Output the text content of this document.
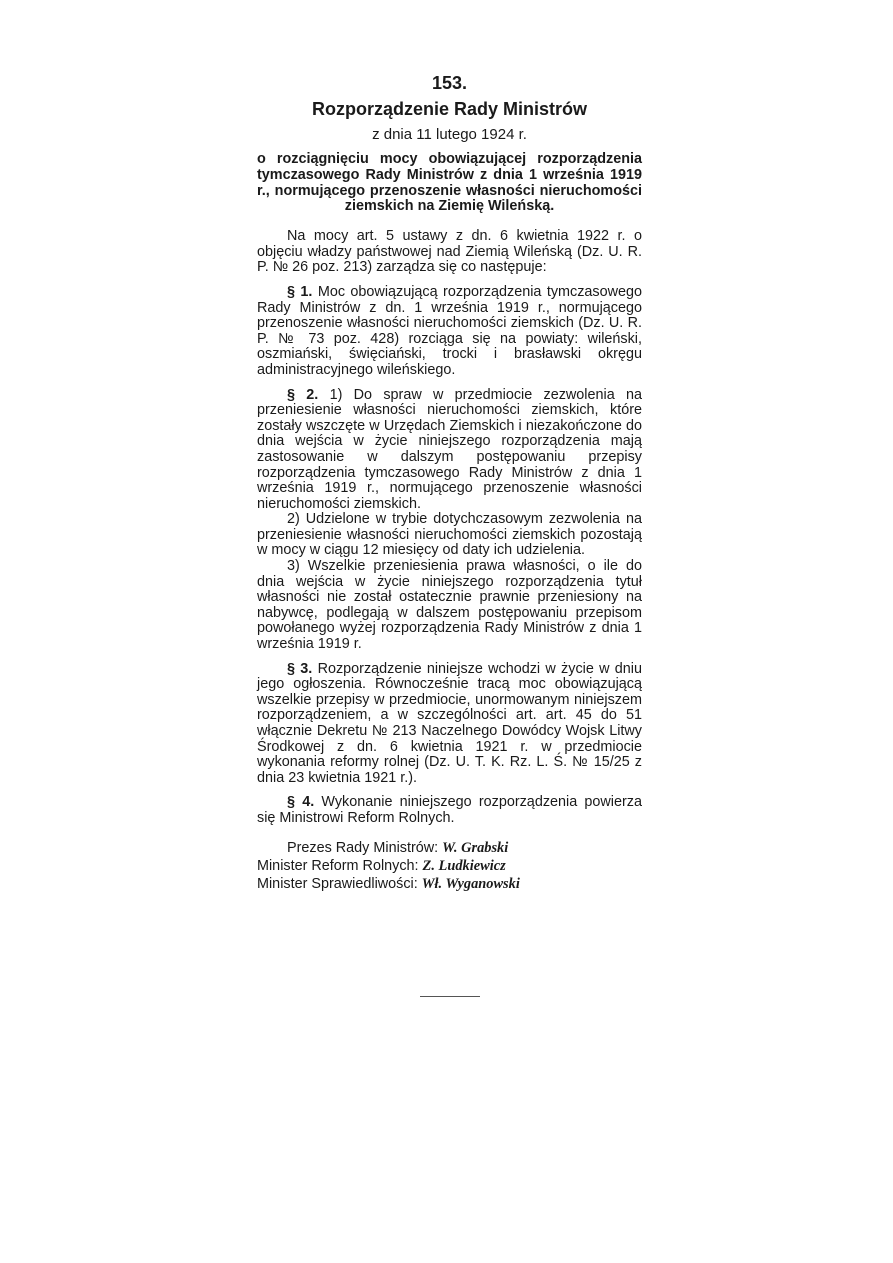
153.
Rozporządzenie Rady Ministrów
z dnia 11 lutego 1924 r.
o rozciągnięciu mocy obowiązującej rozporządzenia tymczasowego Rady Ministrów z dnia 1 września 1919 r., normującego przenoszenie własności nieruchomości ziemskich na Ziemię Wileńską.

Na mocy art. 5 ustawy z dn. 6 kwietnia 1922 r. o objęciu władzy państwowej nad Ziemią Wileńską (Dz. U. R. P. № 26 poz. 213) zarządza się co następuje:

§ 1. Moc obowiązującą rozporządzenia tymczasowego Rady Ministrów z dn. 1 września 1919 r., normującego przenoszenie własności nieruchomości ziemskich (Dz. U. R. P. № 73 poz. 428) rozciąga się na powiaty: wileński, oszmiański, święciański, trocki i brasławski okręgu administracyjnego wileńskiego.

§ 2. 1) Do spraw w przedmiocie zezwolenia na przeniesienie własności nieruchomości ziemskich, które zostały wszczęte w Urzędach Ziemskich i niezakończone do dnia wejścia w życie niniejszego rozporządzenia mają zastosowanie w dalszym postępowaniu przepisy rozporządzenia tymczasowego Rady Ministrów z dnia 1 września 1919 r., normującego przenoszenie własności nieruchomości ziemskich.

2) Udzielone w trybie dotychczasowym zezwolenia na przeniesienie własności nieruchomości ziemskich pozostają w mocy w ciągu 12 miesięcy od daty ich udzielenia.

3) Wszelkie przeniesienia prawa własności, o ile do dnia wejścia w życie niniejszego rozporządzenia tytuł własności nie został ostatecznie prawnie przeniesiony na nabywcę, podlegają w dalszem postępowaniu przepisom powołanego wyżej rozporządzenia Rady Ministrów z dnia 1 września 1919 r.

§ 3. Rozporządzenie niniejsze wchodzi w życie w dniu jego ogłoszenia. Równocześnie tracą moc obowiązującą wszelkie przepisy w przedmiocie, unormowanym niniejszem rozporządzeniem, a w szczególności art. art. 45 do 51 włącznie Dekretu № 213 Naczelnego Dowódcy Wojsk Litwy Środkowej z dn. 6 kwietnia 1921 r. w przedmiocie wykonania reformy rolnej (Dz. U. T. K. Rz. L. Ś. № 15/25 z dnia 23 kwietnia 1921 r.).

§ 4. Wykonanie niniejszego rozporządzenia powierza się Ministrowi Reform Rolnych.

Prezes Rady Ministrów: W. Grabski
Minister Reform Rolnych: Z. Ludkiewicz
Minister Sprawiedliwości: Wł. Wyganowski
